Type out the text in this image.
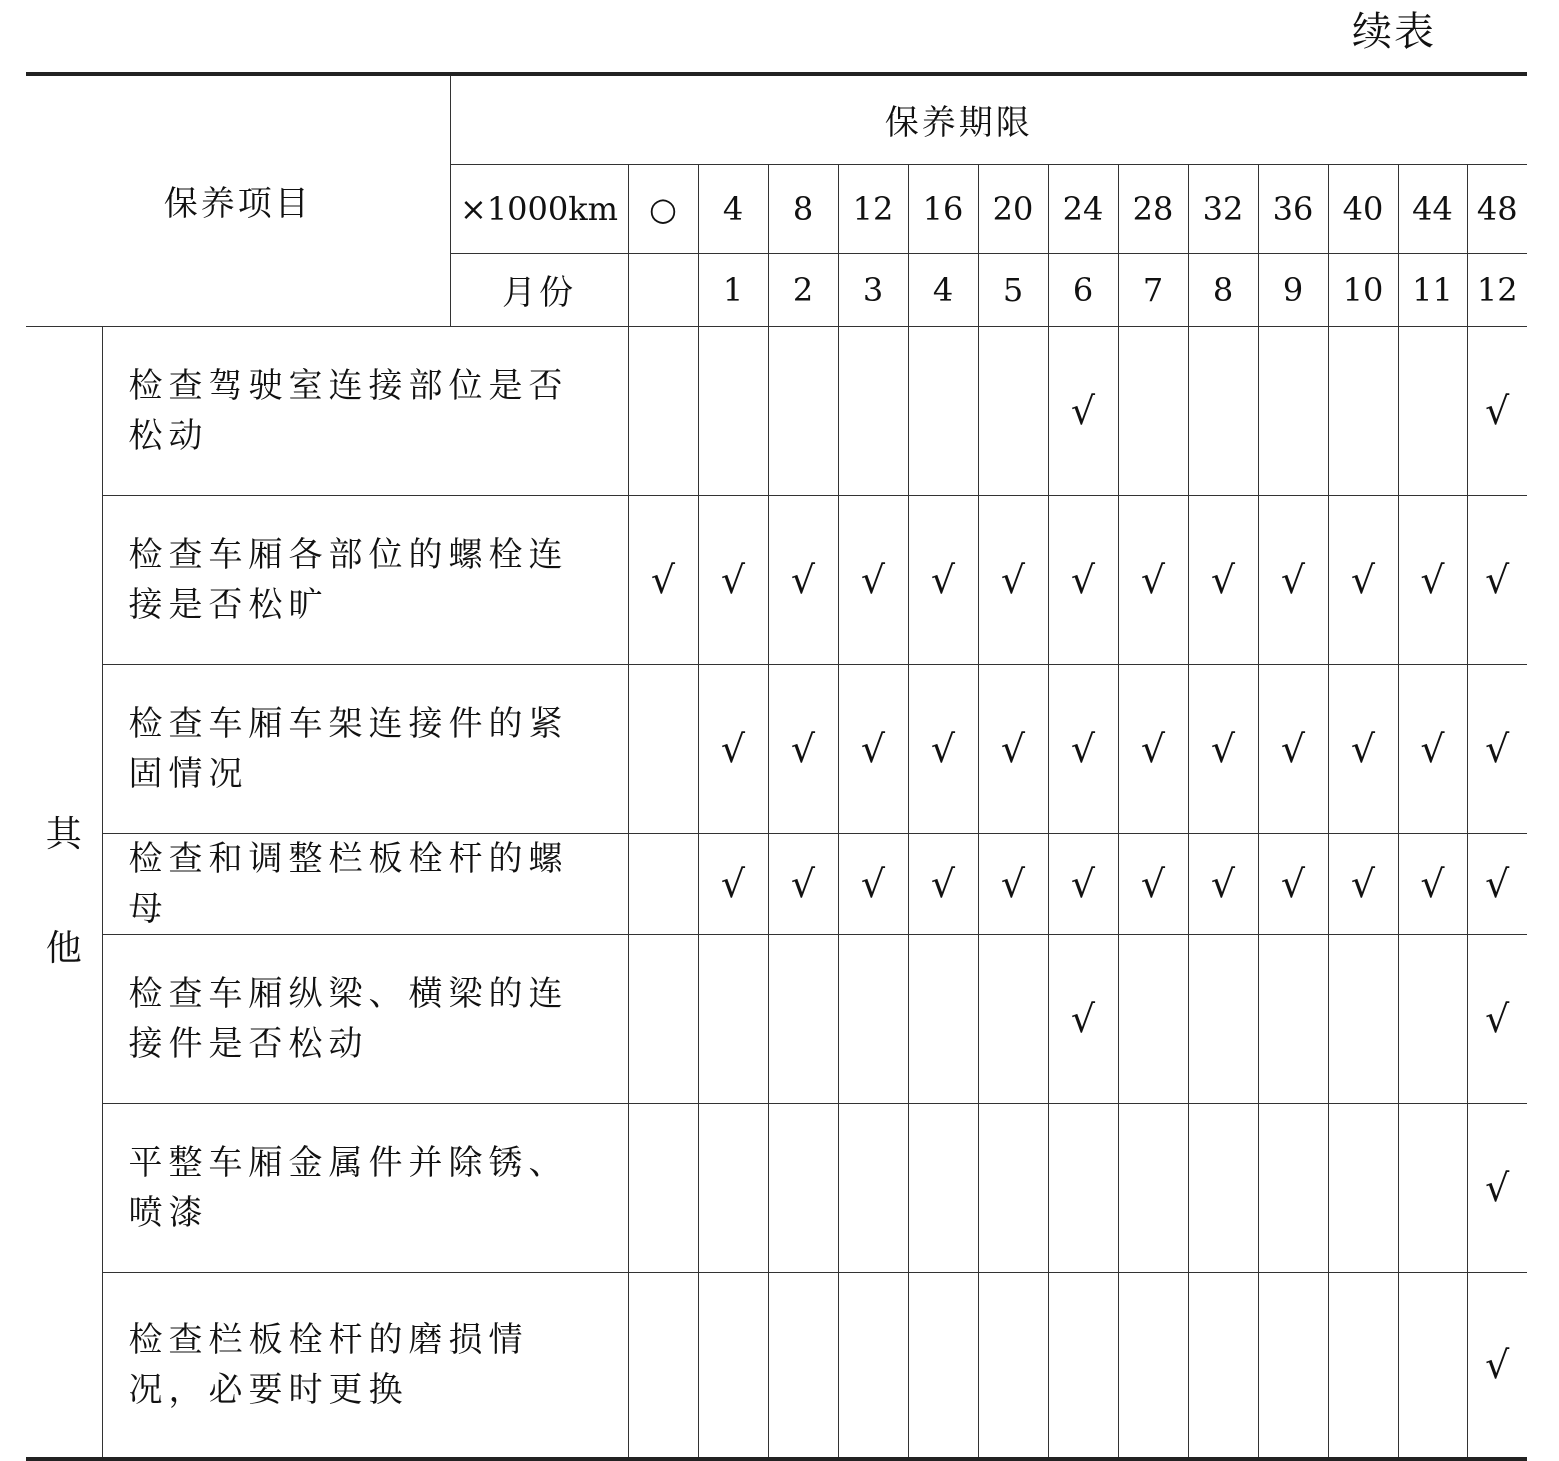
续表
保养项目		保养期限													
		×1000km	○	4	8	12	16	20	24	28	32	36	40	44	48
		月份		1	2	3	4	5	6	7	8	9	10	11	12

其
他	检查驾驶室连接部位是否松动								√						√
	检查车厢各部位的螺栓连接是否松旷		√	√	√	√	√	√	√	√	√	√	√	√	√
	检查车厢车架连接件的紧固情况			√	√	√	√	√	√	√	√	√	√	√	√
	检查和调整栏板栓杆的螺母			√	√	√	√	√	√	√	√	√	√	√	√
	检查车厢纵梁、横梁的连接件是否松动								√						√
	平整车厢金属件并除锈、喷漆														√
	检查栏板栓杆的磨损情况，必要时更换														√
